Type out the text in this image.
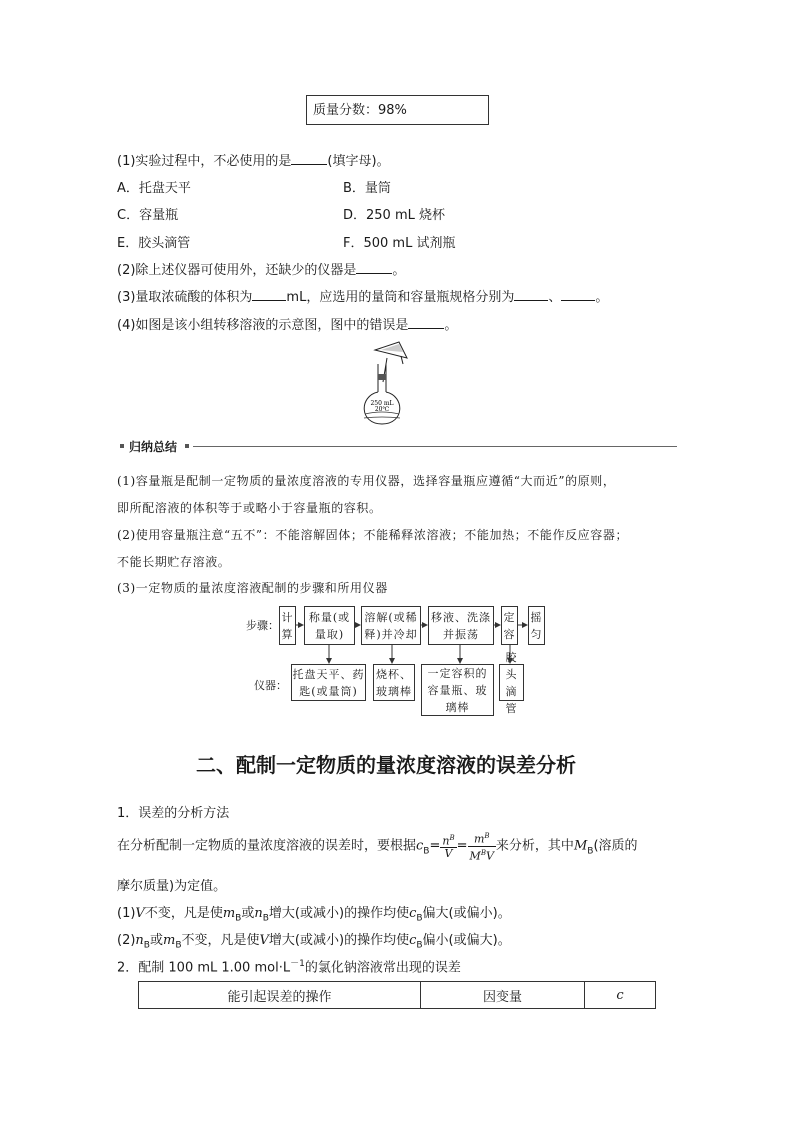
质量分数：98%
(1)实验过程中，不必使用的是	(填字母)。
A．托盘天平	B．量筒
C．容量瓶	D．250 mL 烧杯
E．胶头滴管	F．500 mL 试剂瓶
(2)除上述仪器可使用外，还缺少的仪器是	。
(3)量取浓硫酸的体积为	mL，应选用的量筒和容量瓶规格分别为	、	。
(4)如图是该小组转移溶液的示意图，图中的错误是	。
250 mL
20℃
归纳总结
(1)容量瓶是配制一定物质的量浓度溶液的专用仪器，选择容量瓶应遵循“大而近”的原则，
即所配溶液的体积等于或略小于容量瓶的容积。
(2)使用容量瓶注意“五不”：不能溶解固体；不能稀释浓溶液；不能加热；不能作反应容器；
不能长期贮存溶液。
(3)一定物质的量浓度溶液配制的步骤和所用仪器
步骤：
仪器：
计算
称量(或量取)
溶解(或稀释)并冷却
移液、洗涤并振荡
定容
摇匀
托盘天平、药匙(或量筒)
烧杯、玻璃棒
一定容积的容量瓶、玻璃棒
胶头滴管
二、配制一定物质的量浓度溶液的误差分析
1．误差的分析方法
在分析配制一定物质的量浓度溶液的误差时，要根据$c_B= \frac{n^B}{V} = \frac{m^B}{M^BV}$ 来分析，其中$M_B$(溶质的
摩尔质量)为定值。
(1)V不变，凡是使$m_B$或$n_B$增大(或减小)的操作均使$c_B$偏大(或偏小)。
$(2)n_B$或$m_B$不变，凡是使V增大(或减小)的操作均使$c_B$偏小(或偏大)。
2．配制 100 mL 1.00 $mol\cdot L^{-1}$的氯化钠溶液常出现的误差
能引起误差的操作	因变量	c
